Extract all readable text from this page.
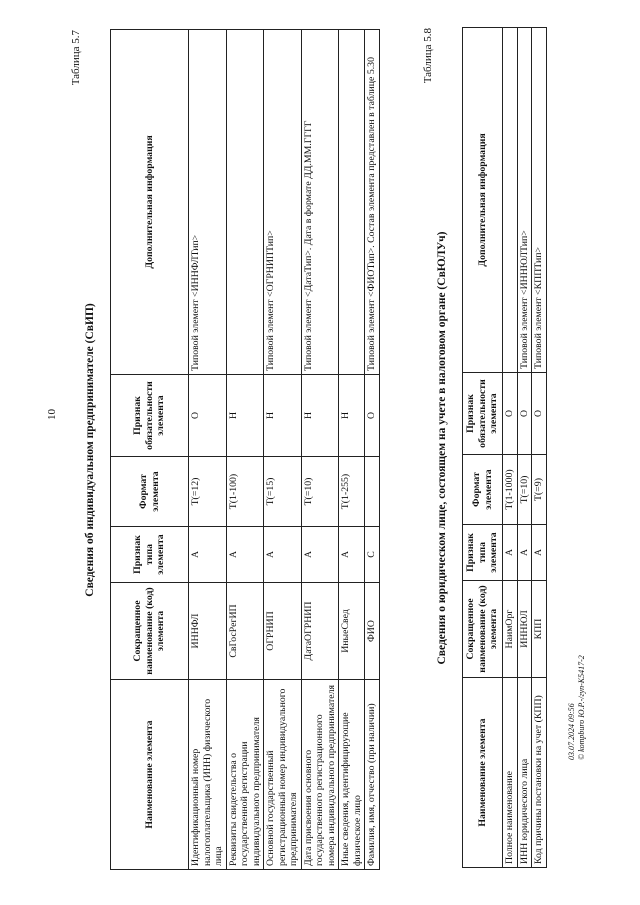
10
Таблица 5.7
Сведения об индивидуальном предпринимателе (СвИП)
Наименование элемента	Сокращенное наименование (код) элемента	Признак типа элемента	Формат элемента	Признак обязательности элемента	Дополнительная информация
Идентификационный номер налогоплательщика (ИНН) физического лица	ИННФЛ	А	T(=12)	О	Типовой элемент <ИННФЛТип>
Реквизиты свидетельства о государственной регистрации индивидуального предпринимателя	СвГосРегИП	А	T(1-100)	Н	
Основной государственный регистрационный номер индивидуального предпринимателя	ОГРНИП	А	T(=15)	Н	Типовой элемент <ОГРНИПТип>
Дата присвоения основного государственного регистрационного номера индивидуального предпринимателя	ДатаОГРНИП	А	T(=10)	Н	Типовой элемент <ДатаТип>. Дата в формате ДД.ММ.ГГГГ
Иные сведения, идентифицирующие физическое лицо	ИныеСвед	А	T(1-255)	Н	
Фамилия, имя, отчество (при наличии)	ФИО	С		О	Типовой элемент <ФИОТип>. Состав элемента представлен в таблице 5.30
Таблица 5.8
Сведения о юридическом лице, состоящем на учете в налоговом органе (СвЮЛУч)
Наименование элемента	Сокращенное наименование (код) элемента	Признак типа элемента	Формат элемента	Признак обязательности элемента	Дополнительная информация
Полное наименование	НаимОрг	А	T(1-1000)	О	
ИНН юридического лица	ИННЮЛ	А	T(=10)	О	Типовой элемент <ИННЮЛТип>
Код причины постановки на учет (КПП)	КПП	А	T(=9)	О	Типовой элемент <КППТип>
03.07.2024 09:56 © kompburo Ю.Р.-/гуп-К5417-2
